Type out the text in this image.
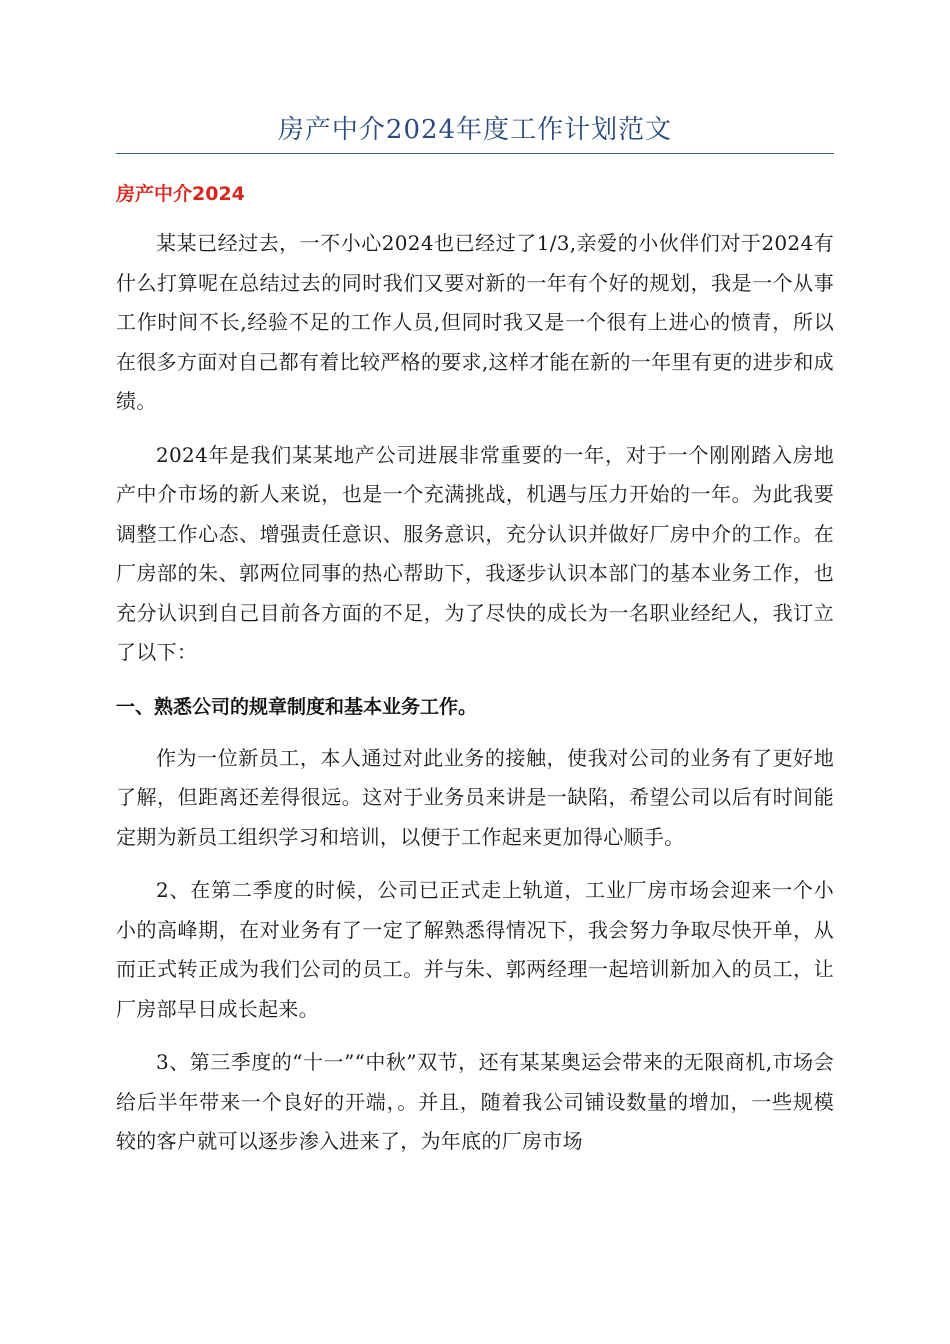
房产中介2024年度工作计划范文

房产中介2024

某某已经过去，一不小心2024也已经过了1/3,亲爱的小伙伴们对于2024有什么打算呢在总结过去的同时我们又要对新的一年有个好的规划，我是一个从事工作时间不长,经验不足的工作人员,但同时我又是一个很有上进心的愤青，所以在很多方面对自己都有着比较严格的要求,这样才能在新的一年里有更的进步和成绩。

2024年是我们某某地产公司进展非常重要的一年，对于一个刚刚踏入房地产中介市场的新人来说，也是一个充满挑战，机遇与压力开始的一年。为此我要调整工作心态、增强责任意识、服务意识，充分认识并做好厂房中介的工作。在厂房部的朱、郭两位同事的热心帮助下，我逐步认识本部门的基本业务工作，也充分认识到自己目前各方面的不足，为了尽快的成长为一名职业经纪人，我订立了以下：

一、熟悉公司的规章制度和基本业务工作。

作为一位新员工，本人通过对此业务的接触，使我对公司的业务有了更好地了解，但距离还差得很远。这对于业务员来讲是一缺陷，希望公司以后有时间能定期为新员工组织学习和培训，以便于工作起来更加得心顺手。

2、在第二季度的时候，公司已正式走上轨道，工业厂房市场会迎来一个小小的高峰期，在对业务有了一定了解熟悉得情况下，我会努力争取尽快开单，从而正式转正成为我们公司的员工。并与朱、郭两经理一起培训新加入的员工，让厂房部早日成长起来。

3、第三季度的“十一”“中秋”双节，还有某某奥运会带来的无限商机,市场会给后半年带来一个良好的开端，。并且，随着我公司铺设数量的增加，一些规模较的客户就可以逐步渗入进来了，为年底的厂房市场
